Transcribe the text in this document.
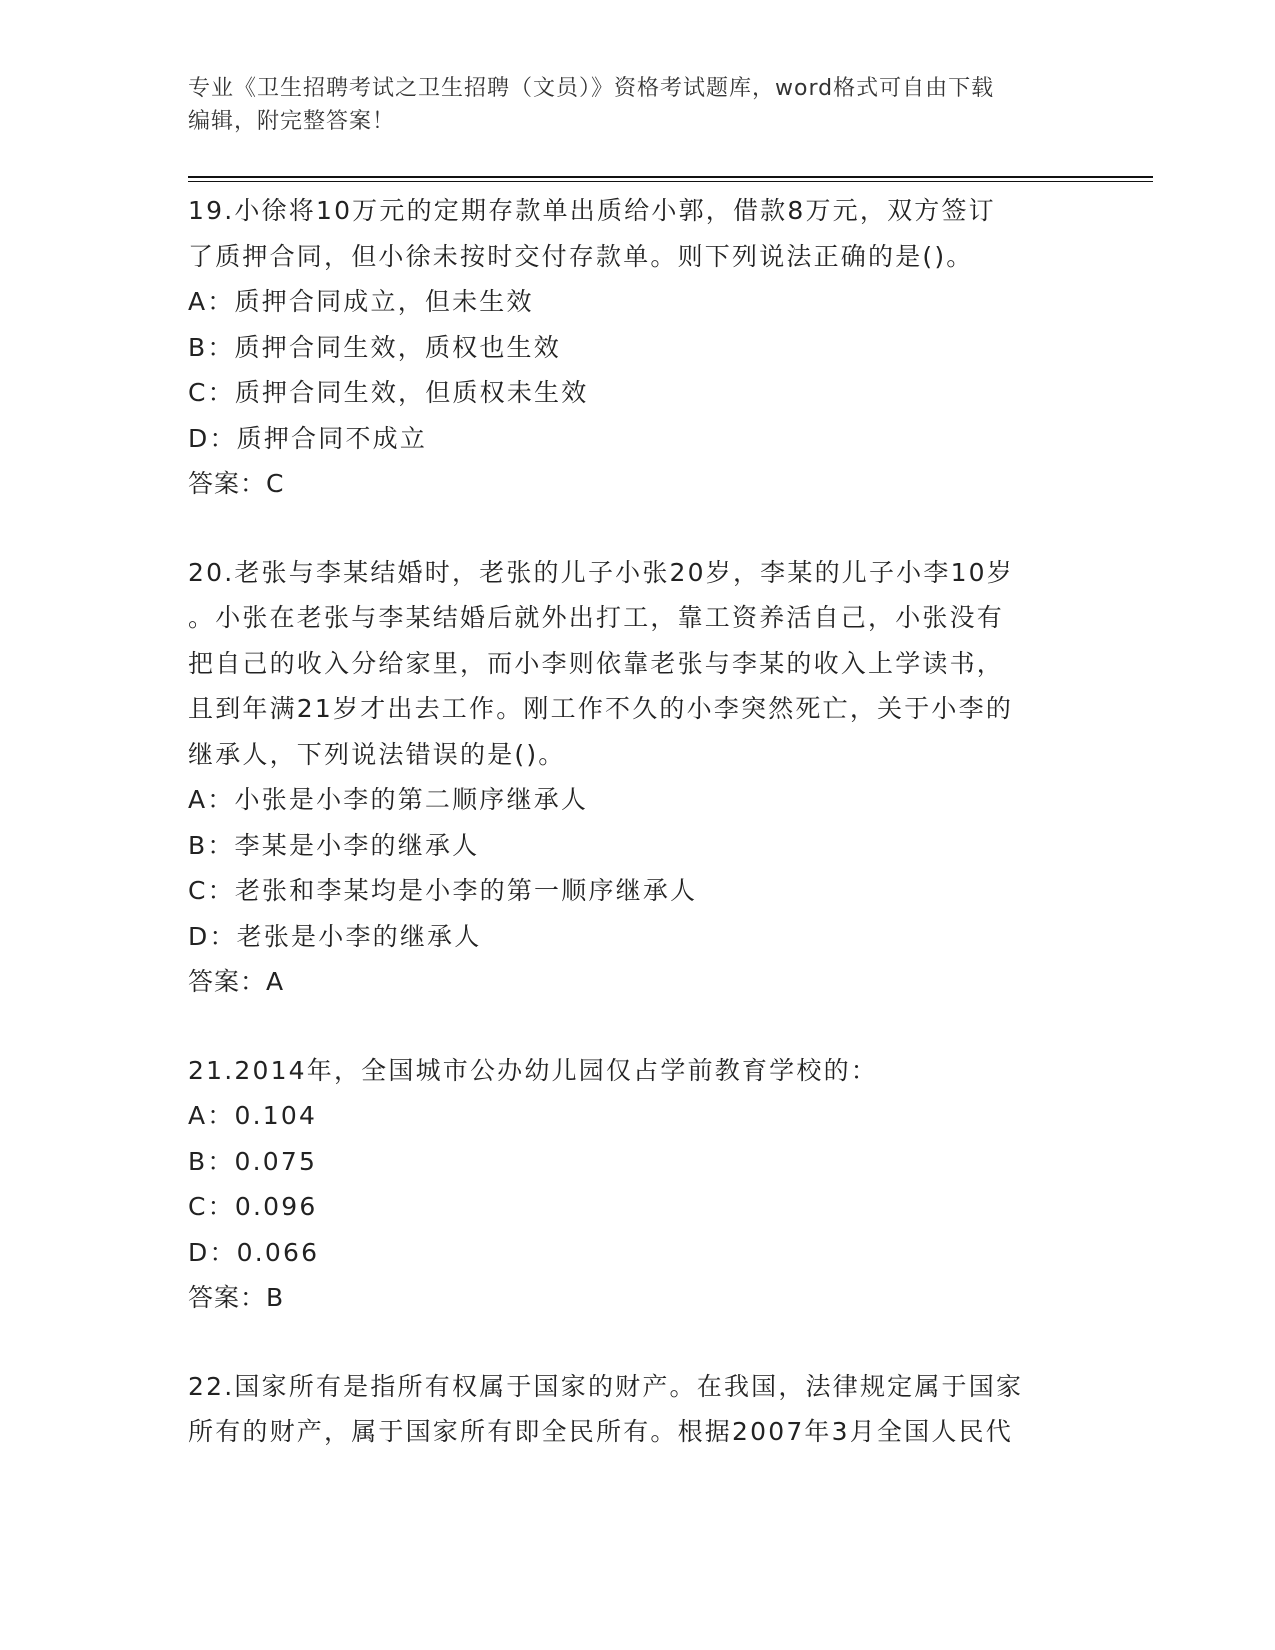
专业《卫生招聘考试之卫生招聘（文员）》资格考试题库，word格式可自由下载
编辑，附完整答案！
19.小徐将10万元的定期存款单出质给小郭，借款8万元，双方签订
了质押合同，但小徐未按时交付存款单。则下列说法正确的是()。
A：质押合同成立，但未生效
B：质押合同生效，质权也生效
C：质押合同生效，但质权未生效
D：质押合同不成立
答案：C
20.老张与李某结婚时，老张的儿子小张20岁，李某的儿子小李10岁
。小张在老张与李某结婚后就外出打工，靠工资养活自己，小张没有
把自己的收入分给家里，而小李则依靠老张与李某的收入上学读书，
且到年满21岁才出去工作。刚工作不久的小李突然死亡，关于小李的
继承人，下列说法错误的是()。
A：小张是小李的第二顺序继承人
B：李某是小李的继承人
C：老张和李某均是小李的第一顺序继承人
D：老张是小李的继承人
答案：A
21.2014年，全国城市公办幼儿园仅占学前教育学校的：
A：0.104
B：0.075
C：0.096
D：0.066
答案：B
22.国家所有是指所有权属于国家的财产。在我国，法律规定属于国家
所有的财产，属于国家所有即全民所有。根据2007年3月全国人民代
